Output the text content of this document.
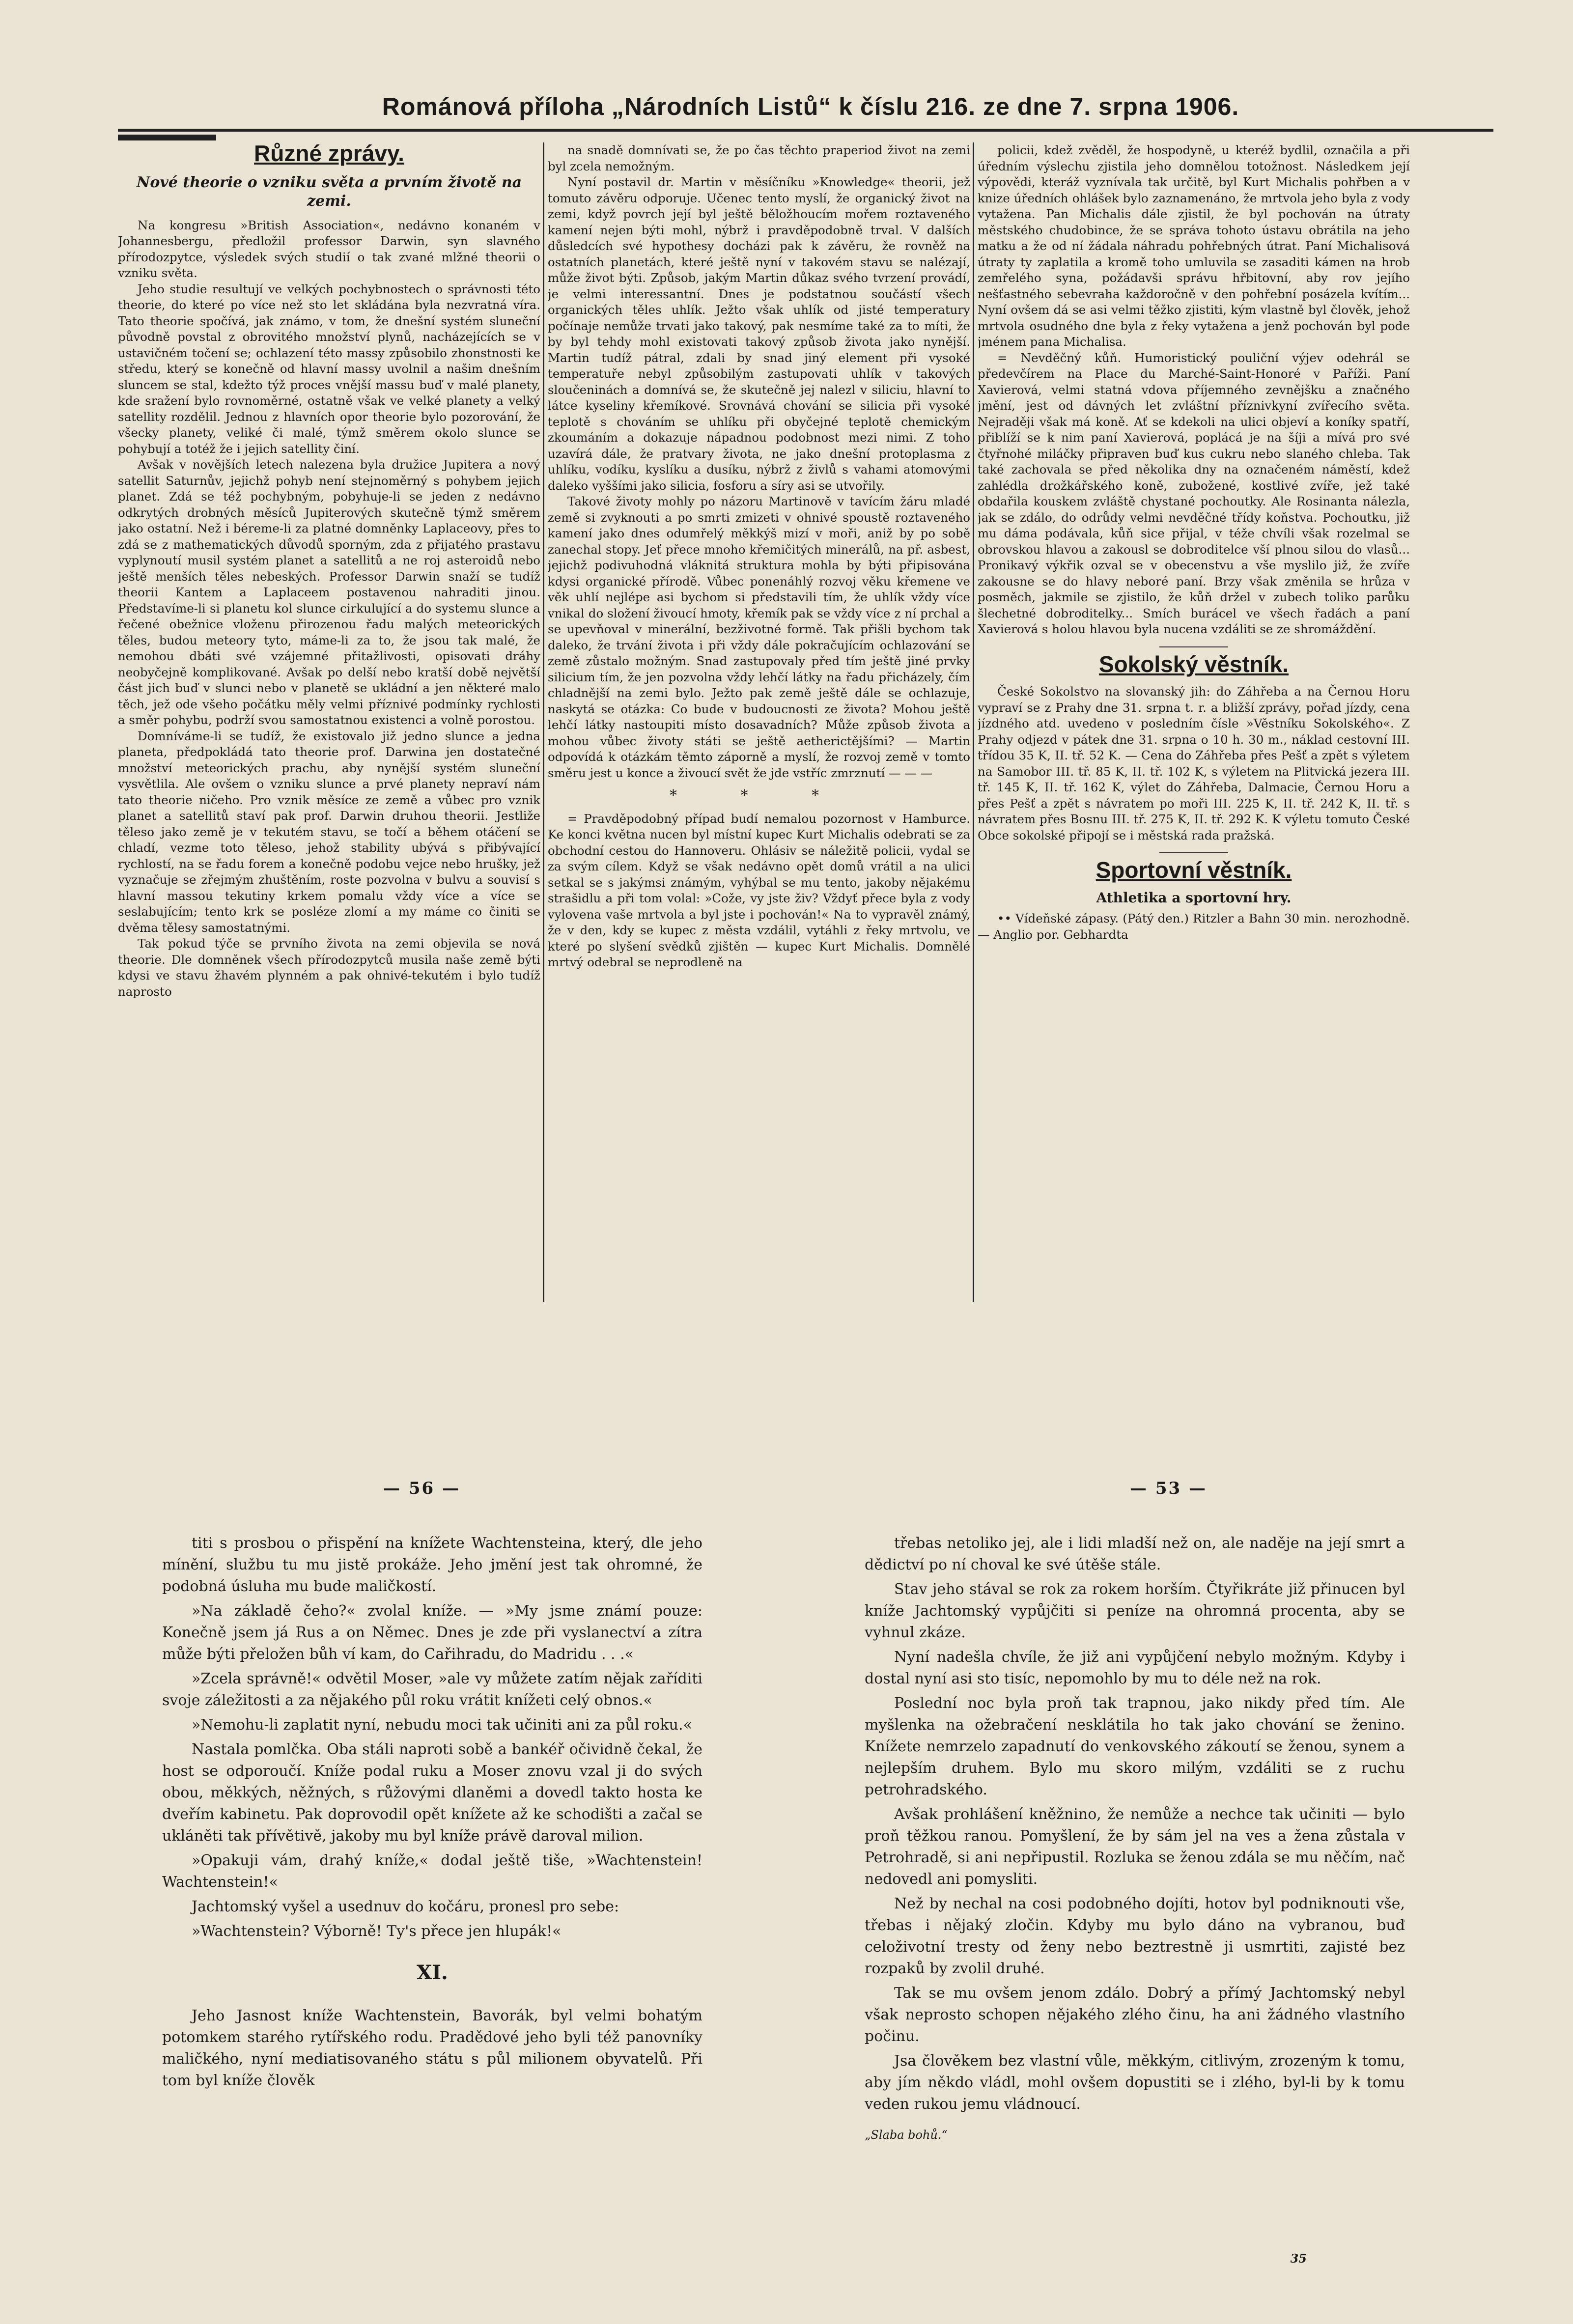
Románová příloha „Národních Listů“ k číslu 216. ze dne 7. srpna 1906.
Různé zprávy.
Nové theorie o vzniku světa a prvním životě na zemi.

Na kongresu »British Association«, nedávno konaném v Johannesbergu, předložil professor Darwin, syn slavného přírodozpytce, výsledek svých studií o tak zvané mlžné theorii o vzniku světa.

Jeho studie resultují ve velkých pochybnostech o správnosti této theorie, do které po více než sto let skládána byla nezvratná víra. Tato theorie spočívá, jak známo, v tom, že dnešní systém sluneční původně povstal z obrovitého množství plynů, nacházejících se v ustavičném točení se; ochlazení této massy způsobilo zhonstnosti ke středu, který se konečně od hlavní massy uvolnil a našim dnešním sluncem se stal, kdežto týž proces vnější massu buď v malé planety, kde sražení bylo rovnoměrné, ostatně však ve velké planety a velký satellity rozdělil. Jednou z hlavních opor theorie bylo pozorování, že všecky planety, veliké či malé, týmž směrem okolo slunce se pohybují a totéž že i jejich satellity činí.

Avšak v novějších letech nalezena byla družice Jupitera a nový satellit Saturnův, jejichž pohyb není stejnoměrný s pohybem jejich planet. Zdá se též pochybným, pobyhuje-li se jeden z nedávno odkrytých drobných měsíců Jupiterových skutečně týmž směrem jako ostatní. Než i béreme-li za platné domněnky Laplaceovy, přes to zdá se z mathematických důvodů sporným, zda z přijatého prastavu vyplynoutí musil systém planet a satellitů a ne roj asteroidů nebo ještě menších těles nebeských. Professor Darwin snaží se tudíž theorii Kantem a Laplaceem postavenou nahraditi jinou. Představíme-li si planetu kol slunce cirkulující a do systemu slunce a řečené obežnice vloženu přirozenou řadu malých meteorických těles, budou meteory tyto, máme-li za to, že jsou tak malé, že nemohou dbáti své vzájemné přitažlivosti, opisovati dráhy neobyčejně komplikované. Avšak po delší nebo kratší době největší část jich buď v slunci nebo v planetě se ukládní a jen některé malo těch, jež ode všeho počátku měly velmi příznivé podmínky rychlosti a směr pohybu, podrží svou samostatnou existenci a volně porostou.

Domníváme-li se tudíž, že existovalo již jedno slunce a jedna planeta, předpokládá tato theorie prof. Darwina jen dostatečné množství meteorických prachu, aby nynější systém sluneční vysvětlila. Ale ovšem o vzniku slunce a prvé planety nepraví nám tato theorie ničeho. Pro vznik měsíce ze země a vůbec pro vznik planet a satellitů staví pak prof. Darwin druhou theorii. Jestliže těleso jako země je v tekutém stavu, se točí a během otáčení se chladí, vezme toto těleso, jehož stability ubývá s přibývající rychlostí, na se řadu forem a konečně podobu vejce nebo hrušky, jež vyznačuje se zřejmým zhuštěním, roste pozvolna v bulvu a souvisí s hlavní massou tekutiny krkem pomalu vždy více a více se seslabujícím; tento krk se posléze zlomí a my máme co činiti se dvěma tělesy samostatnými.

Tak pokud týče se prvního života na zemi objevila se nová theorie. Dle domněnek všech přírodozpytců musila naše země býti kdysi ve stavu žhavém plynném a pak ohnivé-tekutém i bylo tudíž naprosto

na snadě domnívati se, že po čas těchto praperiod život na zemi byl zcela nemožným.

Nyní postavil dr. Martin v měsíčníku »Knowledge« theorii, jež tomuto závěru odporuje. Učenec tento myslí, že organický život na zemi, když povrch její byl ještě běložhoucím mořem roztaveného kamení nejen býti mohl, nýbrž i pravděpodobně trval. V dalších důsledcích své hypothesy docházi pak k závěru, že rovněž na ostatních planetách, které ještě nyní v takovém stavu se nalézají, může život býti. Způsob, jakým Martin důkaz svého tvrzení provádí, je velmi interessantní. Dnes je podstatnou součástí všech organických těles uhlík. Ježto však uhlík od jisté temperatury počínaje nemůže trvati jako takový, pak nesmíme také za to míti, že by byl tehdy mohl existovati takový způsob života jako nynější. Martin tudíž pátral, zdali by snad jiný element při vysoké temperatuře nebyl způsobilým zastupovati uhlík v takových sloučeninách a domnívá se, že skutečně jej nalezl v siliciu, hlavní to látce kyseliny křemíkové. Srovnává chování se silicia při vysoké teplotě s chováním se uhlíku při obyčejné teplotě chemickým zkoumáním a dokazuje nápadnou podobnost mezi nimi. Z toho uzavírá dále, že pratvary života, ne jako dnešní protoplasma z uhlíku, vodíku, kyslíku a dusíku, nýbrž z živlů s vahami atomovými daleko vyššími jako silicia, fosforu a síry asi se utvořily.

Takové životy mohly po názoru Martinově v tavícím žáru mladé země si zvyknouti a po smrti zmizeti v ohnivé spoustě roztaveného kamení jako dnes odumřelý měkkýš mizí v moři, aniž by po sobě zanechal stopy. Jeť přece mnoho křemičitých minerálů, na př. asbest, jejichž podivuhodná vláknitá struktura mohla by býti připisována kdysi organické přírodě. Vůbec ponenáhlý rozvoj věku křemene ve věk uhlí nejlépe asi bychom si představili tím, že uhlík vždy více vnikal do složení živoucí hmoty, křemík pak se vždy více z ní prchal a se upevňoval v minerální, bezživotné formě. Tak přišli bychom tak daleko, že trvání života i při vždy dále pokračujícím ochlazování se země zůstalo možným. Snad zastupovaly před tím ještě jiné prvky silicium tím, že jen pozvolna vždy lehčí látky na řadu přicházely, čím chladnější na zemi bylo. Ježto pak země ještě dále se ochlazuje, naskytá se otázka: Co bude v budoucnosti ze života? Mohou ještě lehčí látky nastoupiti místo dosavadních? Může způsob života a mohou vůbec životy státi se ještě aetherictějšími? — Martin odpovídá k otázkám těmto záporně a myslí, že rozvoj země v tomto směru jest u konce a živoucí svět že jde vstříc zmrznutí — — —

* * *

= Pravděpodobný případ budí nemalou pozornost v Hamburce. Ke konci května nucen byl místní kupec Kurt Michalis odebrati se za obchodní cestou do Hannoveru. Ohlásiv se náležitě policii, vydal se za svým cílem. Když se však nedávno opět domů vrátil a na ulici setkal se s jakýmsi známým, vyhýbal se mu tento, jakoby nějakému strašidlu a při tom volal: »Cože, vy jste živ? Vždyť přece byla z vody vylovena vaše mrtvola a byl jste i pochován!« Na to vypravěl známý, že v den, kdy se kupec z města vzdálil, vytáhli z řeky mrtvolu, ve které po slyšení svědků zjištěn — kupec Kurt Michalis. Domnělé mrtvý odebral se neprodleně na

policii, kdež zvěděl, že hospodyně, u kteréž bydlil, označila a při úředním výslechu zjistila jeho domnělou totožnost. Následkem její výpovědi, kteráž vyznívala tak určitě, byl Kurt Michalis pohřben a v knize úředních ohlášek bylo zaznamenáno, že mrtvola jeho byla z vody vytažena. Pan Michalis dále zjistil, že byl pochován na útraty městského chudobince, že se správa tohoto ústavu obrátila na jeho matku a že od ní žádala náhradu pohřebných útrat. Paní Michalisová útraty ty zaplatila a kromě toho umluvila se zasaditi kámen na hrob zemřelého syna, požádavši správu hřbitovní, aby rov jejího nešťastného sebevraha každoročně v den pohřební posázela kvítím... Nyní ovšem dá se asi velmi těžko zjistiti, kým vlastně byl člověk, jehož mrtvola osudného dne byla z řeky vytažena a jenž pochován byl pode jménem pana Michalisa.

= Nevděčný kůň. Humoristický pouliční výjev odehrál se předevčírem na Place du Marché-Saint-Honoré v Paříži. Paní Xavierová, velmi statná vdova příjemného zevnějšku a značného jmění, jest od dávných let zvláštní příznivkyní zvířecího světa. Nejraději však má koně. Ať se kdekoli na ulici objeví a koníky spatří, přiblíží se k nim paní Xavierová, poplácá je na šíji a mívá pro své čtyřnohé miláčky připraven buď kus cukru nebo slaného chleba. Tak také zachovala se před několika dny na označeném náměstí, kdež zahlédla drožkářského koně, zubožené, kostlivé zvíře, jež také obdařila kouskem zvláště chystané pochoutky. Ale Rosinanta nálezla, jak se zdálo, do odrůdy velmi nevděčné třídy koňstva. Pochoutku, již mu dáma podávala, kůň sice přijal, v téže chvíli však rozelmal se obrovskou hlavou a zakousl se dobroditelce vší plnou silou do vlasů... Pronikavý výkřik ozval se v obecenstvu a vše myslilo již, že zvíře zakousne se do hlavy neboré paní. Brzy však změnila se hrůza v posměch, jakmile se zjistilo, že kůň držel v zubech toliko parůku šlechetné dobroditelky... Smích burácel ve všech řadách a paní Xavierová s holou hlavou byla nucena vzdáliti se ze shromáždění.

Sokolský věstník.

České Sokolstvo na slovanský jih: do Záhřeba a na Černou Horu vypraví se z Prahy dne 31. srpna t. r. a bližší zprávy, pořad jízdy, cena jízdného atd. uvedeno v posledním čísle »Věstníku Sokolského«. Z Prahy odjezd v pátek dne 31. srpna o 10 h. 30 m., náklad cestovní III. třídou 35 K, II. tř. 52 K. — Cena do Záhřeba přes Pešť a zpět s výletem na Samobor III. tř. 85 K, II. tř. 102 K, s výletem na Plitvická jezera III. tř. 145 K, II. tř. 162 K, výlet do Záhřeba, Dalmacie, Černou Horu a přes Pešť a zpět s návratem po moři III. 225 K, II. tř. 242 K, II. tř. s návratem přes Bosnu III. tř. 275 K, II. tř. 292 K. K výletu tomuto České Obce sokolské připojí se i městská rada pražská.

Sportovní věstník.
Athletika a sportovní hry.

•• Vídeňské zápasy. (Pátý den.) Ritzler a Bahn 30 min. nerozhodně. — Anglio por. Gebhardta

— 56 —	— 53 —

titi s prosbou o přispění na knížete Wachtensteina, který, dle jeho mínění, službu tu mu jistě prokáže. Jeho jmění jest tak ohromné, že podobná úsluha mu bude maličkostí.

»Na základě čeho?« zvolal kníže. — »My jsme známí pouze: Konečně jsem já Rus a on Němec. Dnes je zde při vyslanectví a zítra může býti přeložen bůh ví kam, do Cařihradu, do Madridu . . .«

»Zcela správně!« odvětil Moser, »ale vy můžete zatím nějak zaříditi svoje záležitosti a za nějakého půl roku vrátit knížeti celý obnos.«

»Nemohu-li zaplatit nyní, nebudu moci tak učiniti ani za půl roku.«

Nastala pomlčka. Oba stáli naproti sobě a bankéř očividně čekal, že host se odporoučí. Kníže podal ruku a Moser znovu vzal ji do svých obou, měkkých, něžných, s růžovými dlaněmi a dovedl takto hosta ke dveřím kabinetu. Pak doprovodil opět knížete až ke schodišti a začal se ukláněti tak přívětivě, jakoby mu byl kníže právě daroval milion.

»Opakuji vám, drahý kníže,« dodal ještě tiše, »Wachtenstein! Wachtenstein!«

Jachtomský vyšel a usednuv do kočáru, pronesl pro sebe:

»Wachtenstein? Výborně! Ty's přece jen hlupák!«

XI.

Jeho Jasnost kníže Wachtenstein, Bavorák, byl velmi bohatým potomkem starého rytířského rodu. Pradědové jeho byli též panovníky maličkého, nyní mediatisovaného státu s půl milionem obyvatelů. Při tom byl kníže člověk

třebas netoliko jej, ale i lidi mladší než on, ale naděje na její smrt a dědictví po ní choval ke své útěše stále.

Stav jeho stával se rok za rokem horším. Čtyřikráte již přinucen byl kníže Jachtomský vypůjčiti si peníze na ohromná procenta, aby se vyhnul zkáze.

Nyní nadešla chvíle, že již ani vypůjčení nebylo možným. Kdyby i dostal nyní asi sto tisíc, nepomohlo by mu to déle než na rok.

Poslední noc byla proň tak trapnou, jako nikdy před tím. Ale myšlenka na ožebračení nesklátila ho tak jako chování se ženino. Knížete nemrzelo zapadnutí do venkovského zákoutí se ženou, synem a nejlepším druhem. Bylo mu skoro milým, vzdáliti se z ruchu petrohradského.

Avšak prohlášení kněžnino, že nemůže a nechce tak učiniti — bylo proň těžkou ranou. Pomyšlení, že by sám jel na ves a žena zůstala v Petrohradě, si ani nepřipustil. Rozluka se ženou zdála se mu něčím, nač nedovedl ani pomysliti.

Než by nechal na cosi podobného dojíti, hotov byl podniknouti vše, třebas i nějaký zločin. Kdyby mu bylo dáno na vybranou, buď celoživotní tresty od ženy nebo beztrestně ji usmrtiti, zajisté bez rozpaků by zvolil druhé.

Tak se mu ovšem jenom zdálo. Dobrý a přímý Jachtomský nebyl však neprosto schopen nějakého zlého činu, ha ani žádného vlastního počinu.

Jsa člověkem bez vlastní vůle, měkkým, citlivým, zrozeným k tomu, aby jím někdo vládl, mohl ovšem dopustiti se i zlého, byl-li by k tomu veden rukou jemu vládnoucí.

„Slaba bohů.“
35
